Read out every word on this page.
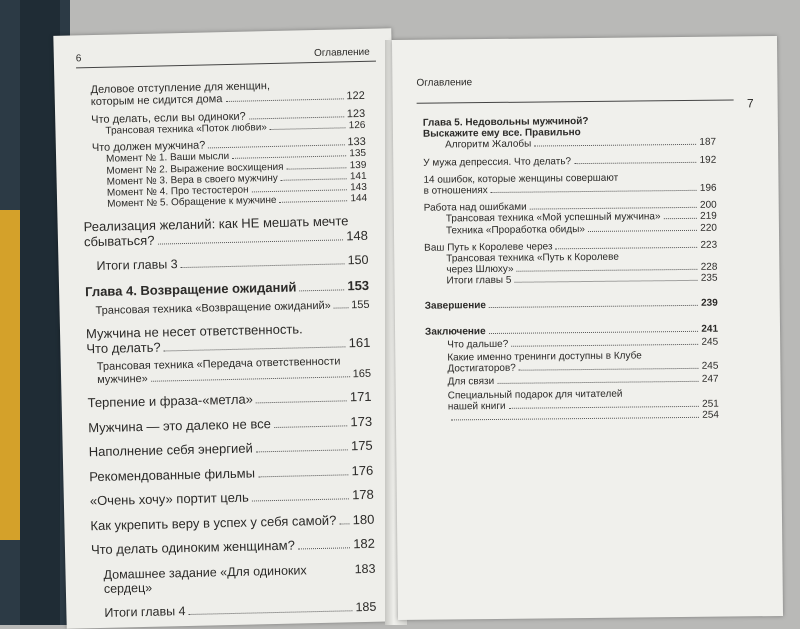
6	Оглавление
Деловое отступление для женщин,
которым не сидится дома	122
Что делать, если вы одиноки?	123
Трансовая техника «Поток любви»	126
Что должен мужчина?	133
Момент № 1. Ваши мысли	135
Момент № 2. Выражение восхищения	139
Момент № 3. Вера в своего мужчину	141
Момент № 4. Про тестостерон	143
Момент № 5. Обращение к мужчине	144
Реализация желаний: как НЕ мешать мечте
сбываться?	148
Итоги главы 3	150
Глава 4. Возвращение ожиданий	153
Трансовая техника «Возвращение ожиданий» 155
Мужчина не несет ответственность.
Что делать?	161
Трансовая техника «Передача ответственности
мужчине»	165
Терпение и фраза-«метла»	171
Мужчина — это далеко не все	173
Наполнение себя энергией	175
Рекомендованные фильмы	176
«Очень хочу» портит цель	178
Как укрепить веру в успех у себя самой? 180
Что делать одиноким женщинам?	182
Домашнее задание «Для одиноких сердец»
183
Итоги главы 4	185
Оглавление
7
Глава 5. Недовольны мужчиной?
Выскажите ему все. Правильно
Алгоритм Жалобы	187
У мужа депрессия. Что делать?	192
14 ошибок, которые женщины совершают
в отношениях	196
Работа над ошибками	200
Трансовая техника «Мой успешный мужчина»	219
Техника «Проработка обиды»	220
Ваш Путь к Королеве через	223
Трансовая техника «Путь к Королеве
через Шлюху»	228
Итоги главы 5	235
Завершение	239
Заключение	241
Что дальше?	245
Какие именно тренинги доступны в Клубе
Достигаторов?	245
Для связи	247
Специальный подарок для читателей
нашей книги	251
254
